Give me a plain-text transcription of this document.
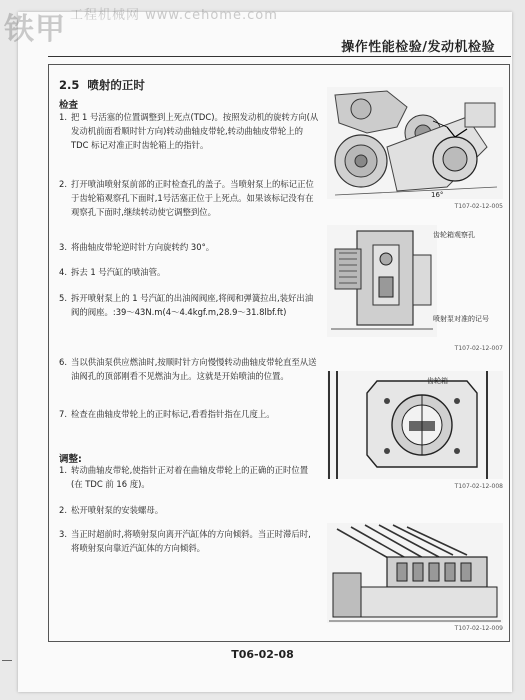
铁甲 $^{工程机械网 www.cehome.com}$
操作性能检验/发动机检验
2.5 喷射的正时
检查
1. 把 1 号活塞的位置调整到上死点(TDC)。按照发动机的旋转方向(从发动机前面看顺时针方向)转动曲轴皮带轮,转动曲轴皮带轮上的 TDC 标记对准正时齿轮箱上的指针。
2. 打开喷油喷射泵前部的正时检查孔的盖子。当喷射泵上的标记正位于齿轮箱观察孔下面时,1号活塞正位于上死点。如果该标记没有在观察孔下面时,继续转动使它调整到位。
3. 将曲轴皮带轮逆时针方向旋转约 30°。
4. 拆去 1 号汽缸的喷油管。
5. 拆开喷射泵上的 1 号汽缸的出油阀阀座,将阀和弹簧拉出,装好出油阀的阀座。:39～43N.m(4～4.4kgf.m,28.9～31.8lbf.ft)
6. 当以供油泵供应燃油时,按顺时针方向慢慢转动曲轴皮带轮直至从送油阀孔的顶部刚看不见燃油为止。这就是开始喷油的位置。
7. 检查在曲轴皮带轮上的正时标记,看看指针指在几度上。
调整:
1. 转动曲轴皮带轮,使指针正对着在曲轴皮带轮上的正确的正时位置(在 TDC 前 16 度)。
2. 松开喷射泵的安装螺母。
3. 当正时超前时,将喷射泵向离开汽缸体的方向倾斜。当正时滞后时,将喷射泵向靠近汽缸体的方向倾斜。
16°
T107-02-12-005
齿轮箱观察孔
喷射泵对准的记号
T107-02-12-007
齿轮箱
T107-02-12-008
T107-02-12-009
T06-02-08
